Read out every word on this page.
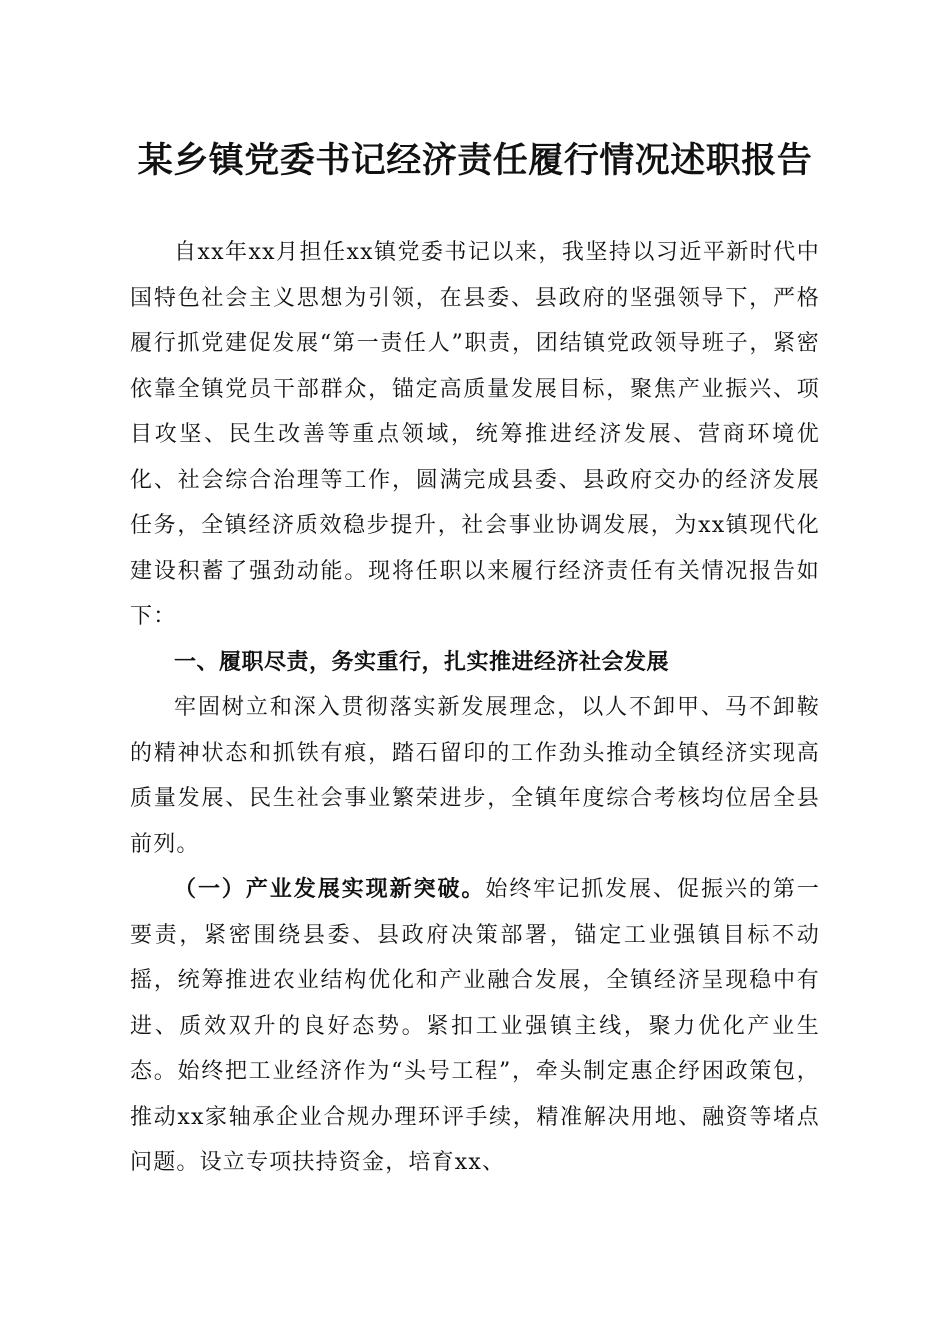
某乡镇党委书记经济责任履行情况述职报告

自xx年xx月担任xx镇党委书记以来，我坚持以习近平新时代中国特色社会主义思想为引领，在县委、县政府的坚强领导下，严格履行抓党建促发展“第一责任人”职责，团结镇党政领导班子，紧密依靠全镇党员干部群众，锚定高质量发展目标，聚焦产业振兴、项目攻坚、民生改善等重点领域，统筹推进经济发展、营商环境优化、社会综合治理等工作，圆满完成县委、县政府交办的经济发展任务，全镇经济质效稳步提升，社会事业协调发展，为xx镇现代化建设积蓄了强劲动能。现将任职以来履行经济责任有关情况报告如下：

一、履职尽责，务实重行，扎实推进经济社会发展

牢固树立和深入贯彻落实新发展理念，以人不卸甲、马不卸鞍的精神状态和抓铁有痕，踏石留印的工作劲头推动全镇经济实现高质量发展、民生社会事业繁荣进步，全镇年度综合考核均位居全县前列。

（一）产业发展实现新突破。始终牢记抓发展、促振兴的第一要责，紧密围绕县委、县政府决策部署，锚定工业强镇目标不动摇，统筹推进农业结构优化和产业融合发展，全镇经济呈现稳中有进、质效双升的良好态势。紧扣工业强镇主线，聚力优化产业生态。始终把工业经济作为“头号工程”，牵头制定惠企纾困政策包，推动xx家轴承企业合规办理环评手续，精准解决用地、融资等堵点问题。设立专项扶持资金，培育xx、
